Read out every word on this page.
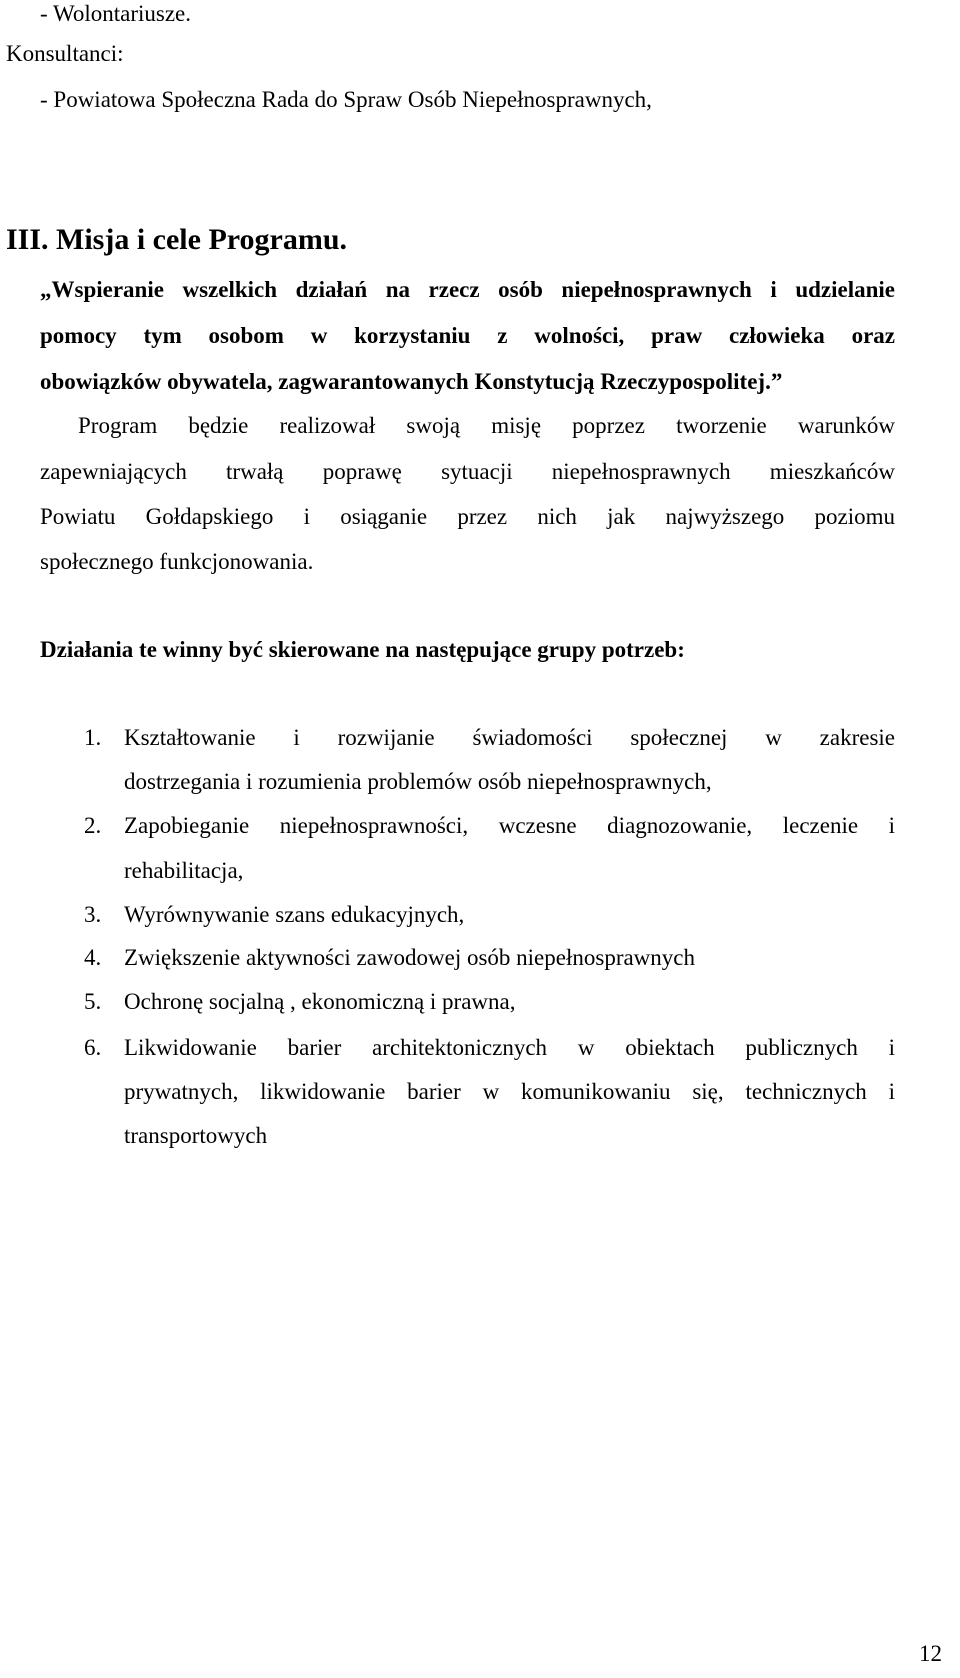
- Wolontariusze.
Konsultanci:
- Powiatowa Społeczna Rada do Spraw Osób Niepełnosprawnych,
III. Misja i cele Programu.
„Wspieranie wszelkich działań na rzecz osób niepełnosprawnych i udzielanie
pomocy tym osobom w korzystaniu z wolności, praw człowieka oraz
obowiązków obywatela, zagwarantowanych Konstytucją Rzeczypospolitej.”
Program będzie realizował swoją misję poprzez tworzenie warunków
zapewniających trwałą poprawę sytuacji niepełnosprawnych mieszkańców
Powiatu Gołdapskiego i osiąganie przez nich jak najwyższego poziomu
społecznego funkcjonowania.
Działania te winny być skierowane na następujące grupy potrzeb:
1. Kształtowanie i rozwijanie świadomości społecznej w zakresie
dostrzegania i rozumienia problemów osób niepełnosprawnych,
2. Zapobieganie niepełnosprawności, wczesne diagnozowanie, leczenie i
rehabilitacja,
3. Wyrównywanie szans edukacyjnych,
4. Zwiększenie aktywności zawodowej osób niepełnosprawnych
5. Ochronę socjalną , ekonomiczną i prawna,
6. Likwidowanie barier architektonicznych w obiektach publicznych i
prywatnych, likwidowanie barier w komunikowaniu się, technicznych i
transportowych
12
